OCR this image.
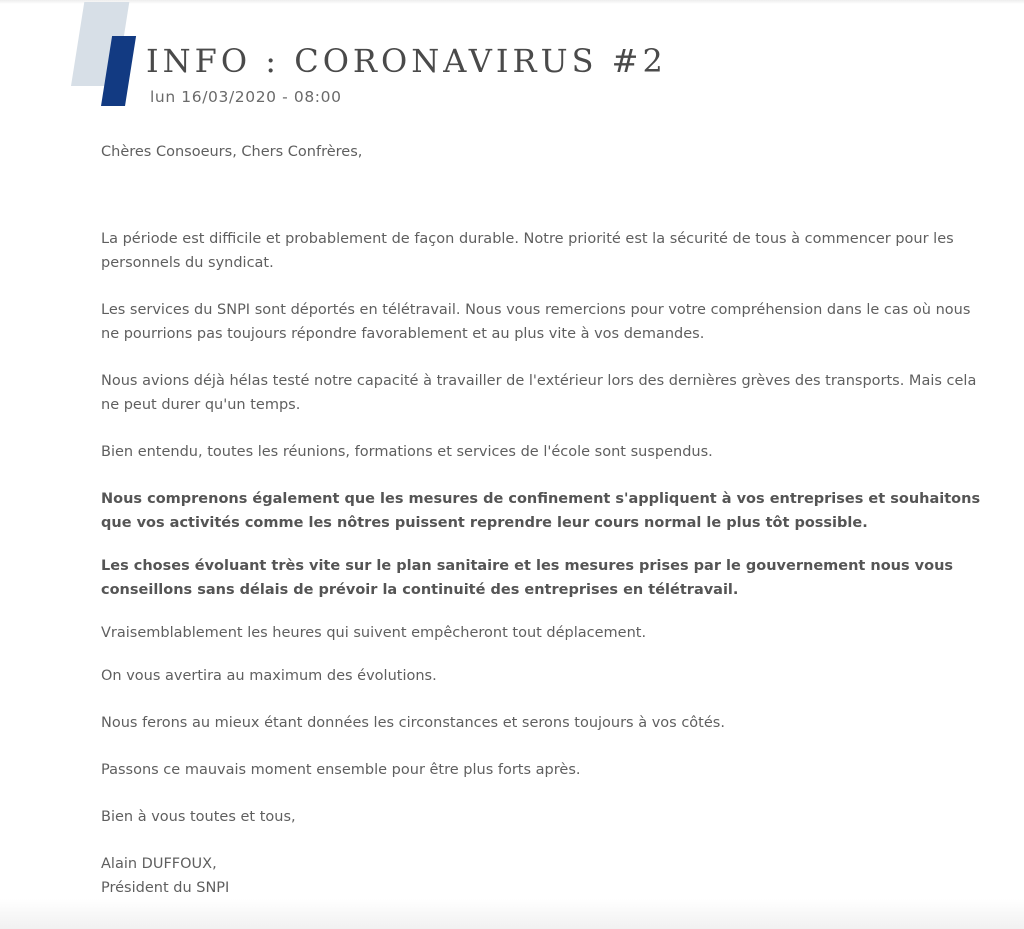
INFO : CORONAVIRUS #2
lun 16/03/2020 - 08:00

Chères Consoeurs, Chers Confrères,

La période est difficile et probablement de façon durable. Notre priorité est la sécurité de tous à commencer pour les personnels du syndicat.

Les services du SNPI sont déportés en télétravail. Nous vous remercions pour votre compréhension dans le cas où nous ne pourrions pas toujours répondre favorablement et au plus vite à vos demandes.

Nous avions déjà hélas testé notre capacité à travailler de l'extérieur lors des dernières grèves des transports. Mais cela ne peut durer qu'un temps.

Bien entendu, toutes les réunions, formations et services de l'école sont suspendus.

Nous comprenons également que les mesures de confinement s'appliquent à vos entreprises et souhaitons que vos activités comme les nôtres puissent reprendre leur cours normal le plus tôt possible.

Les choses évoluant très vite sur le plan sanitaire et les mesures prises par le gouvernement nous vous conseillons sans délais de prévoir la continuité des entreprises en télétravail.

Vraisemblablement les heures qui suivent empêcheront tout déplacement.

On vous avertira au maximum des évolutions.

Nous ferons au mieux étant données les circonstances et serons toujours à vos côtés.

Passons ce mauvais moment ensemble pour être plus forts après.

Bien à vous toutes et tous,

Alain DUFFOUX,

Président du SNPI
